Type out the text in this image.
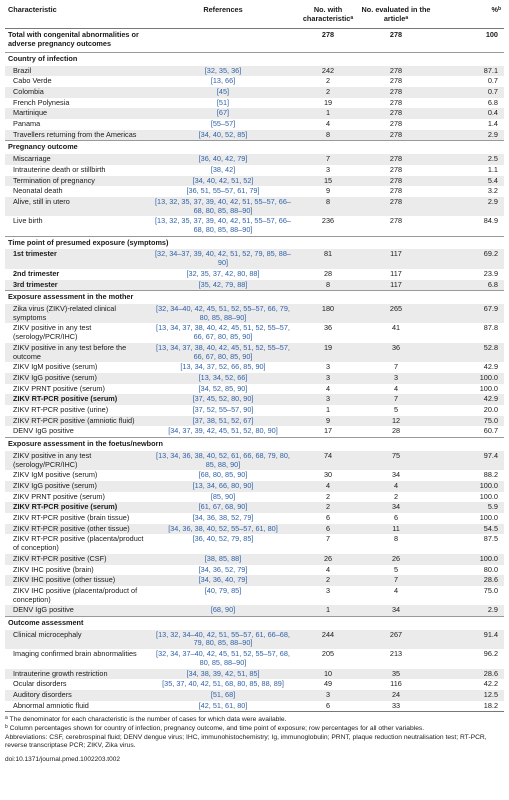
Characteristic	References	No. with characteristic$^a$	No. evaluated in the article$^a$	%$^b$
Total with congenital abnormalities or adverse pregnancy outcomes		278	278	100
Country of infection				
Brazil	[32, 35, 36]	242	278	87.1
Cabo Verde	[13, 66]	2	278	0.7
Colombia	[45]	2	278	0.7
French Polynesia	[51]	19	278	6.8
Martinique	[67]	1	278	0.4
Panama	[55–57]	4	278	1.4
Travellers returning from the Americas	[34, 40, 52, 85]	8	278	2.9
Pregnancy outcome				
Miscarriage	[36, 40, 42, 79]	7	278	2.5
Intrauterine death or stillbirth	[38, 42]	3	278	1.1
Termination of pregnancy	[34, 40, 42, 51, 52]	15	278	5.4
Neonatal death	[36, 51, 55–57, 61, 79]	9	278	3.2
Alive, still in utero	[13, 32, 35, 37, 39, 40, 42, 51, 55–57, 66–68, 80, 85, 88–90]	8	278	2.9
Live birth	[13, 32, 35, 37, 39, 40, 42, 51, 55–57, 66–68, 80, 85, 88–90]	236	278	84.9
Time point of presumed exposure (symptoms)				
1st trimester	[32, 34–37, 39, 40, 42, 51, 52, 79, 85, 88–90]	81	117	69.2
2nd trimester	[32, 35, 37, 42, 80, 88]	28	117	23.9
3rd trimester	[35, 42, 79, 88]	8	117	6.8
Exposure assessment in the mother				
Zika virus (ZIKV)-related clinical symptoms	[32, 34–40, 42, 45, 51, 52, 55–57, 66, 79, 80, 85, 88–90]	180	265	67.9
ZIKV positive in any test (serology/PCR/IHC)	[13, 34, 37, 38, 40, 42, 45, 51, 52, 55–57, 66, 67, 80, 85, 90]	36	41	87.8
ZIKV positive in any test before the outcome	[13, 34, 37, 38, 40, 42, 45, 51, 52, 55–57, 66, 67, 80, 85, 90]	19	36	52.8
ZIKV IgM positive (serum)	[13, 34, 37, 52, 66, 85, 90]	3	7	42.9
ZIKV IgG positive (serum)	[13, 34, 52, 66]	3	3	100.0
ZIKV PRNT positive (serum)	[34, 52, 85, 90]	4	4	100.0
ZIKV RT-PCR positive (serum)	[37, 45, 52, 80, 90]	3	7	42.9
ZIKV RT-PCR positive (urine)	[37, 52, 55–57, 90]	1	5	20.0
ZIKV RT-PCR positive (amniotic fluid)	[37, 38, 51, 52, 67]	9	12	75.0
DENV IgG positive	[34, 37, 39, 42, 45, 51, 52, 80, 90]	17	28	60.7
Exposure assessment in the foetus/newborn				
ZIKV positive in any test (serology/PCR/IHC)	[13, 34, 36, 38, 40, 52, 61, 66, 68, 79, 80, 85, 88, 90]	74	75	97.4
ZIKV IgM positive (serum)	[68, 80, 85, 90]	30	34	88.2
ZIKV IgG positive (serum)	[13, 34, 66, 80, 90]	4	4	100.0
ZIKV PRNT positive (serum)	[85, 90]	2	2	100.0
ZIKV RT-PCR positive (serum)	[61, 67, 68, 90]	2	34	5.9
ZIKV RT-PCR positive (brain tissue)	[34, 36, 38, 52, 79]	6	6	100.0
ZIKV RT-PCR positive (other tissue)	[34, 36, 38, 40, 52, 55–57, 61, 80]	6	11	54.5
ZIKV RT-PCR positive (placenta/product of conception)	[36, 40, 52, 79, 85]	7	8	87.5
ZIKV RT-PCR positive (CSF)	[38, 85, 88]	26	26	100.0
ZIKV IHC positive (brain)	[34, 36, 52, 79]	4	5	80.0
ZIKV IHC positive (other tissue)	[34, 36, 40, 79]	2	7	28.6
ZIKV IHC positive (placenta/product of conception)	[40, 79, 85]	3	4	75.0
DENV IgG positive	[68, 90]	1	34	2.9
Outcome assessment				
Clinical microcephaly	[13, 32, 34–40, 42, 51, 55–57, 61, 66–68, 79, 80, 85, 88–90]	244	267	91.4
Imaging confirmed brain abnormalities	[32, 34, 37–40, 42, 45, 51, 52, 55–57, 68, 80, 85, 88–90]	205	213	96.2
Intrauterine growth restriction	[34, 38, 39, 42, 51, 85]	10	35	28.6
Ocular disorders	[35, 37, 40, 42, 51, 68, 80, 85, 88, 89]	49	116	42.2
Auditory disorders	[51, 68]	3	24	12.5
Abnormal amniotic fluid	[42, 51, 61, 80]	6	33	18.2

$^a$ The denominator for each characteristic is the number of cases for which data were available.

$^b$ Column percentages shown for country of infection, pregnancy outcome, and time point of exposure; row percentages for all other variables.

Abbreviations: CSF, cerebrospinal fluid; DENV dengue virus; IHC, immunohistochemistry; Ig, immunoglobulin; PRNT, plaque reduction neutralisation test; RT-PCR, reverse transcriptase PCR; ZIKV, Zika virus.

doi:10.1371/journal.pmed.1002203.t002
